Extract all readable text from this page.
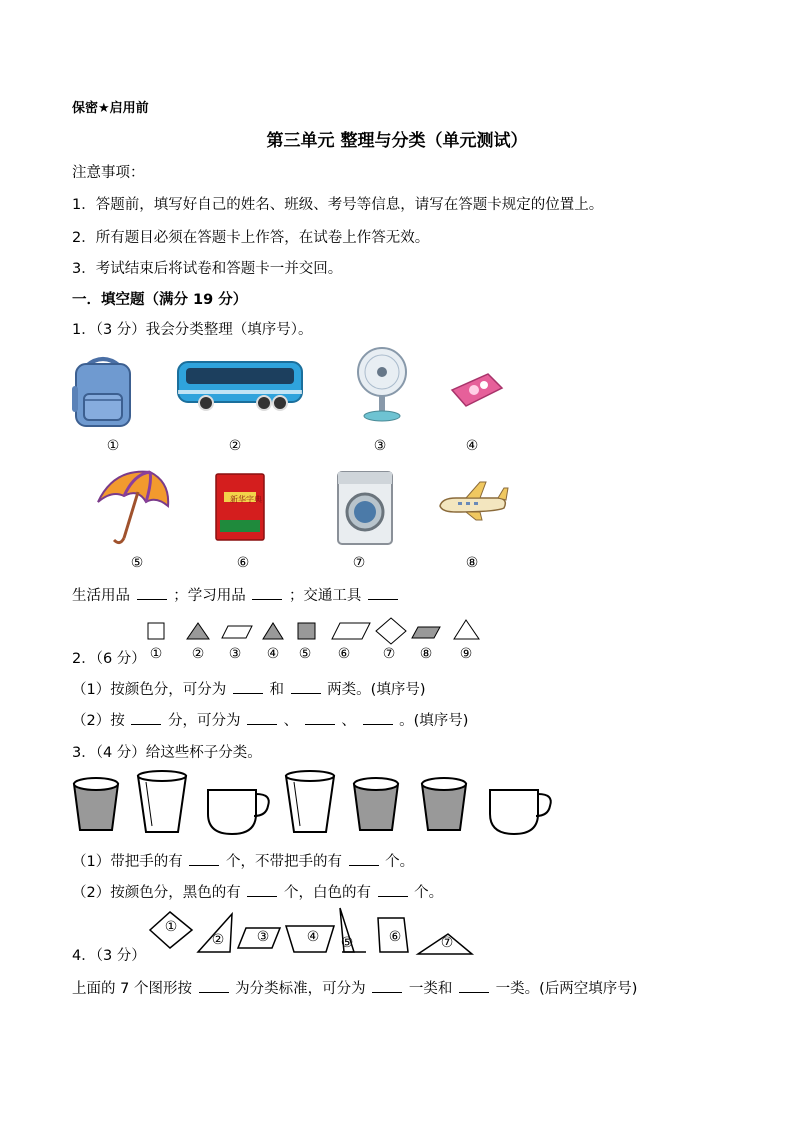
保密★启用前
第三单元 整理与分类（单元测试）
注意事项：
1．答题前，填写好自己的姓名、班级、考号等信息，请写在答题卡规定的位置上。
2．所有题目必须在答题卡上作答，在试卷上作答无效。
3．考试结束后将试卷和答题卡一并交回。
一．填空题（满分 19 分）
1．（3 分）我会分类整理（填序号）。
①	②	③	④
⑤
新华字典
⑥	⑦	⑧
生活用品	；学习用品	；交通工具
2．（6 分） ①	②	③	④	⑤	⑥	⑦	⑧	⑨
（1）按颜色分，可分为	和	两类。(填序号)
（2）按	分，可分为	、	、	。(填序号)
3．（4 分）给这些杯子分类。
（1）带把手的有	个，不带把手的有	个。
（2）按颜色分，黑色的有	个，白色的有	个。
4．（3 分）
①
②	③	④	⑤	⑥	⑦
上面的 7 个图形按	为分类标准，可分为	一类和	一类。(后两空填序号)
